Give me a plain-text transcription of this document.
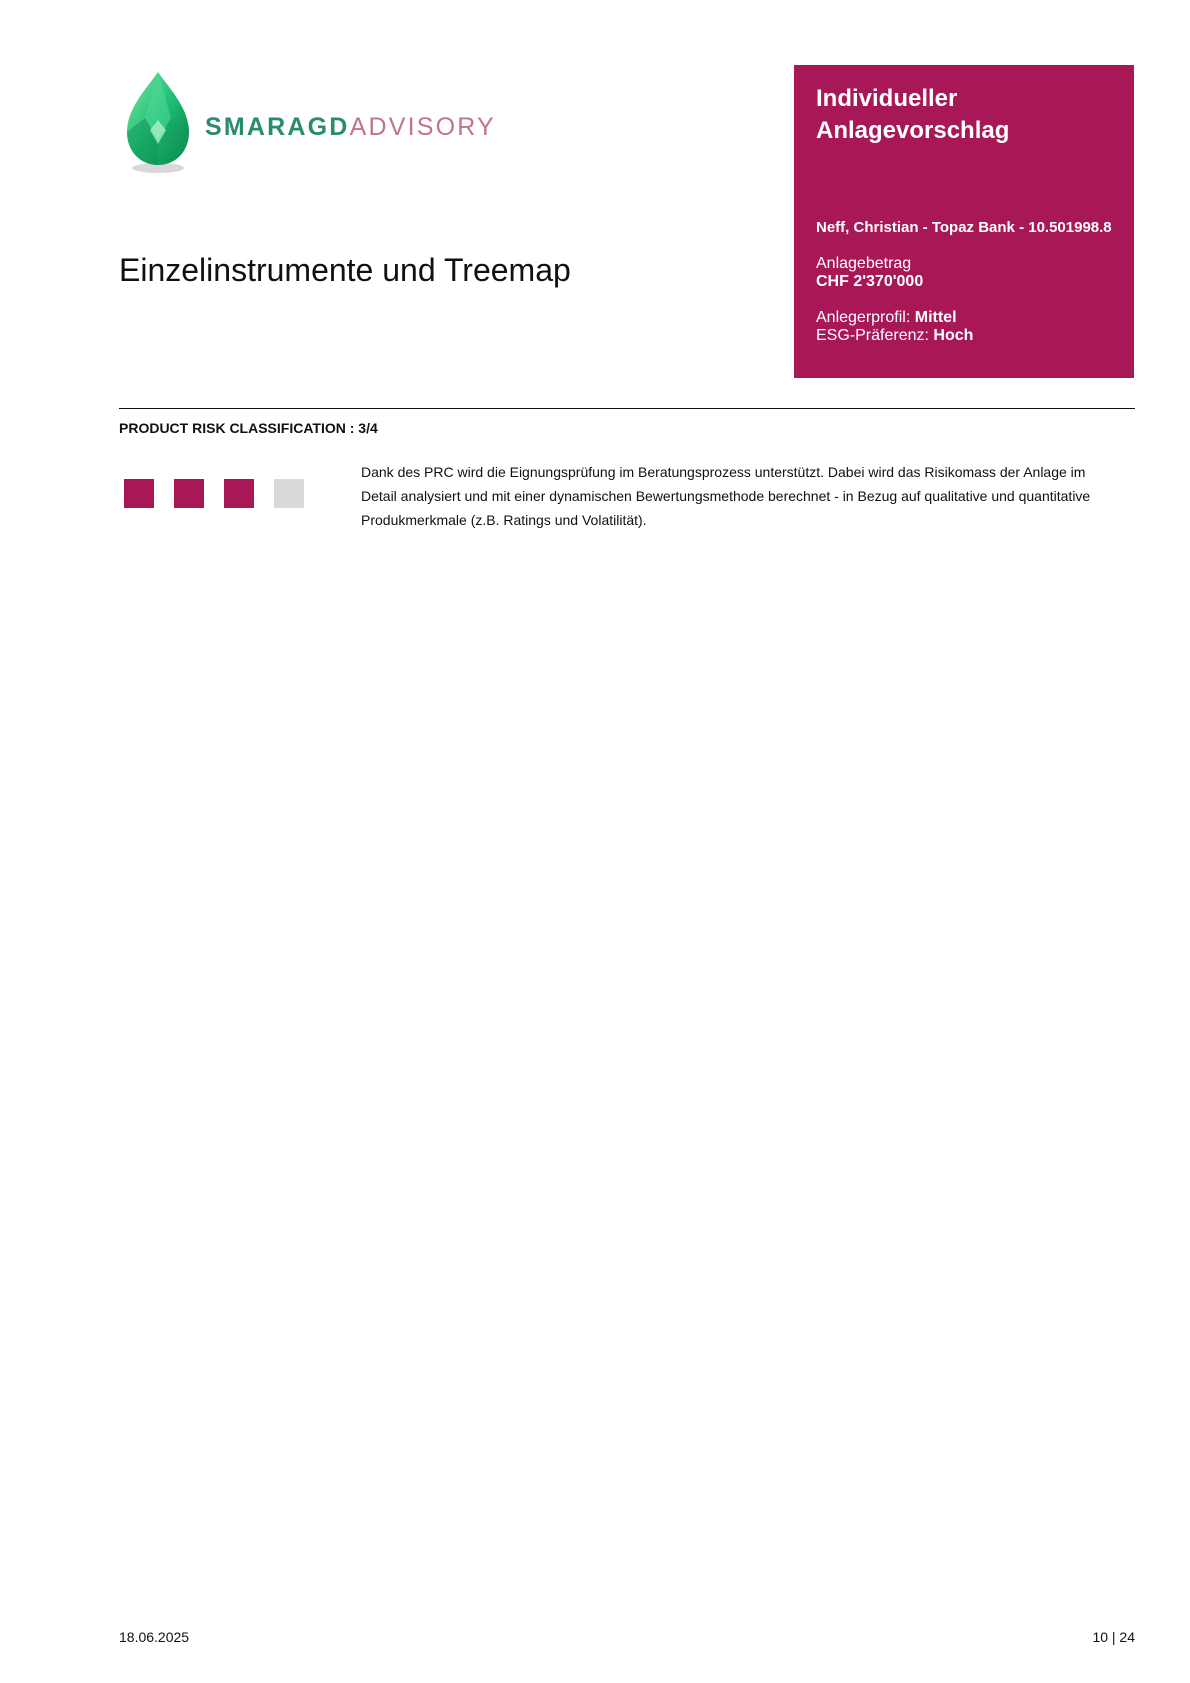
SMARAGDADVISORY
Einzelinstrumente und Treemap
Individueller Anlagevorschlag
Neff, Christian - Topaz Bank - 10.501998.8
Anlagebetrag
CHF 2'370'000
Anlegerprofil: Mittel
ESG-Präferenz: Hoch
PRODUCT RISK CLASSIFICATION : 3/4
Dank des PRC wird die Eignungsprüfung im Beratungsprozess unterstützt. Dabei wird das Risikomass der Anlage im Detail analysiert und mit einer dynamischen Bewertungsmethode berechnet - in Bezug auf qualitative und quantitative Produkmerkmale (z.B. Ratings und Volatilität).
18.06.2025	10 | 24
